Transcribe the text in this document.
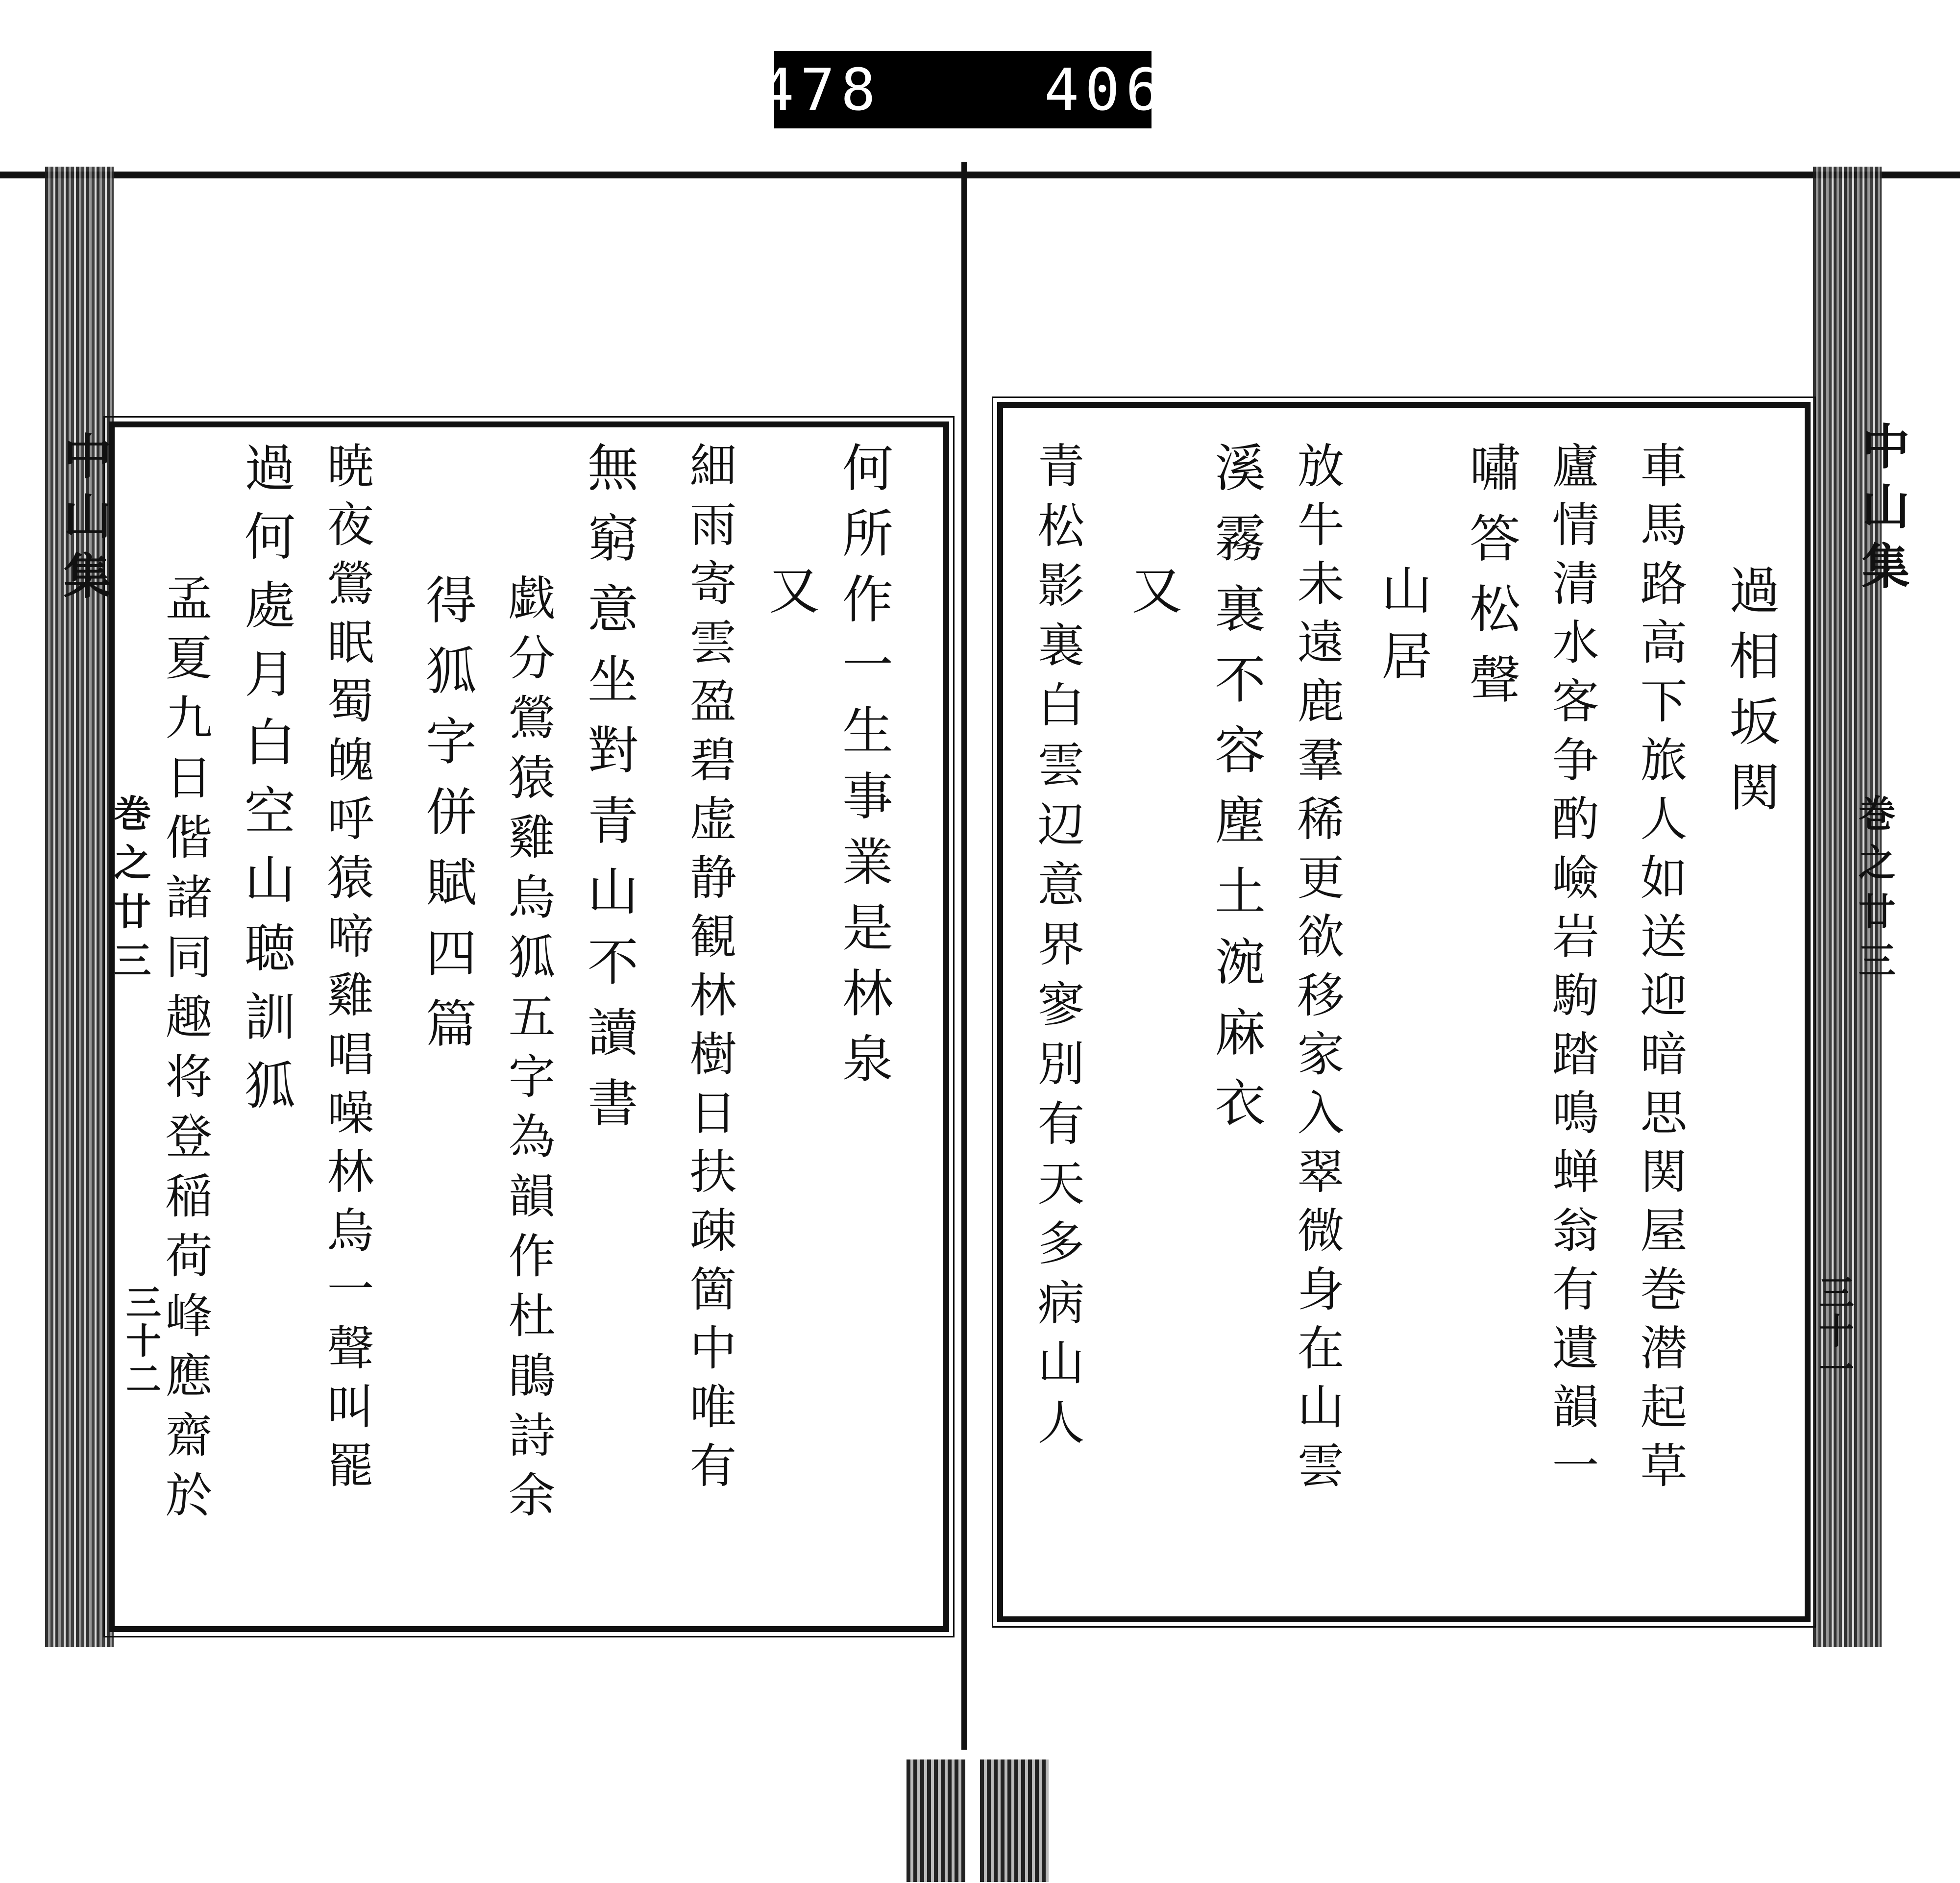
478    406
中山集
巻之廿三
三十二
何所作一生事業是林泉
又
細雨寄雲盈碧虚静観林樹日扶疎箇中唯有
無窮意坐對青山不讀書
戯分鶯猿雞烏狐五字為韻作杜鵑詩余
得狐字併賦四篇
暁夜鶯眠蜀魄呼猿啼雞唱噪林烏一聲叫罷
過何處月白空山聴訓狐
孟夏九日偕諸同趣将登稲荷峰應齋於
中山集
巻之廿三
三十一
過相坂関
車馬路高下旅人如送迎暗思関屋巻潜起草
廬情清水客争酌嶮岩駒踏鳴蝉翁有遺韻一
嘯答松聲
山居
放牛未遠鹿羣稀更欲移家入翠微身在山雲
溪霧裏不容塵土涴麻衣
又
青松影裏白雲辺意界寥別有天多病山人
